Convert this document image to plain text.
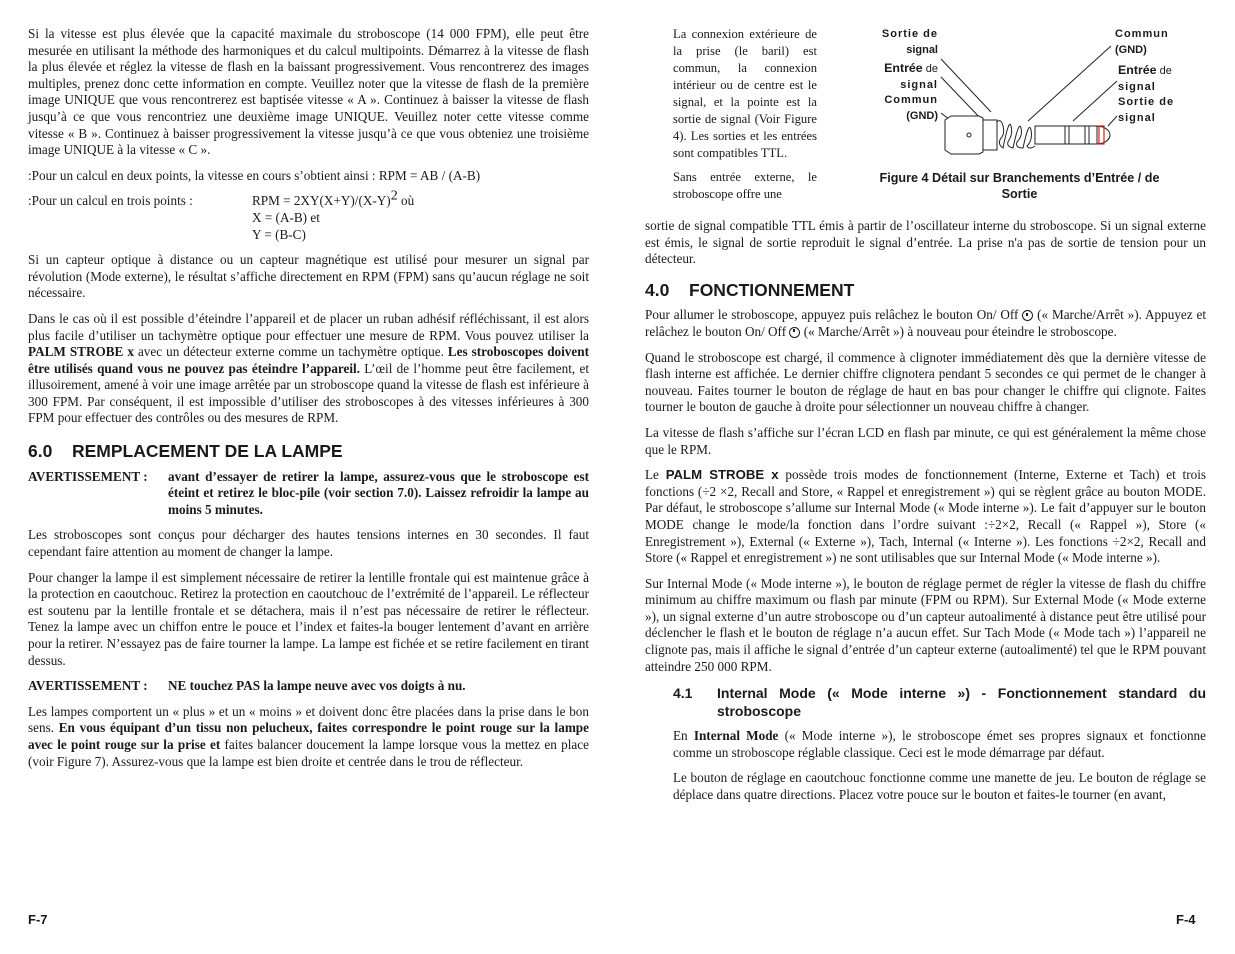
Si la vitesse est plus élevée que la capacité maximale du stroboscope (14 000 FPM), elle peut être mesurée en utilisant la méthode des harmoniques et du calcul multipoints. Démarrez à la vitesse de flash la plus élevée et réglez la vitesse de flash en la baissant progressivement. Vous rencontrerez des images multiples, prenez donc cette information en compte. Veuillez noter que la vitesse de flash de la première image UNIQUE que vous rencontrerez est baptisée vitesse « A ». Continuez à baisser la vitesse de flash jusqu’à ce que vous rencontriez une deuxième image UNIQUE. Veuillez noter cette vitesse comme vitesse « B ». Continuez à baisser progressivement la vitesse jusqu’à ce que vous obteniez une troisième image UNIQUE à la vitesse « C ».

:Pour un calcul en deux points, la vitesse en cours s’obtient ainsi : RPM = AB / (A-B)

:Pour un calcul en trois points :	RPM = $2XY(X+Y)/(X-Y)^2$ où
X = (A-B) et
Y = (B-C)

Si un capteur optique à distance ou un capteur magnétique est utilisé pour mesurer un signal par révolution (Mode externe), le résultat s’affiche directement en RPM (FPM) sans qu’aucun réglage ne soit nécessaire.

Dans le cas où il est possible d’éteindre l’appareil et de placer un ruban adhésif réfléchissant, il est alors plus facile d’utiliser un tachymètre optique pour effectuer une mesure de RPM. Vous pouvez utiliser la PALM STROBE x avec un détecteur externe comme un tachymètre optique. Les stroboscopes doivent être utilisés quand vous ne pouvez pas éteindre l’appareil. L’œil de l’homme peut être facilement, et illusoirement, amené à voir une image arrêtée par un stroboscope quand la vitesse de flash est inférieure à 300 FPM. Par conséquent, il est impossible d’utiliser des stroboscopes à des vitesses inférieures à 300 FPM pour effectuer des contrôles ou des mesures de RPM.

6.0 REMPLACEMENT DE LA LAMPE
AVERTISSEMENT :	avant d’essayer de retirer la lampe, assurez-vous que le stroboscope est éteint et retirez le bloc-pile (voir section 7.0). Laissez refroidir la lampe au moins 5 minutes.

Les stroboscopes sont conçus pour décharger des hautes tensions internes en 30 secondes. Il faut cependant faire attention au moment de changer la lampe.

Pour changer la lampe il est simplement nécessaire de retirer la lentille frontale qui est maintenue grâce à la protection en caoutchouc. Retirez la protection en caoutchouc de l’extrémité de l’appareil. Le réflecteur est soutenu par la lentille frontale et se détachera, mais il n’est pas nécessaire de retirer le réflecteur. Tenez la lampe avec un chiffon entre le pouce et l’index et faites-la bouger lentement d’avant en arrière pour la retirer. N’essayez pas de faire tourner la lampe. La lampe est fichée et se retire facilement en tirant dessus.

AVERTISSEMENT :	NE touchez PAS la lampe neuve avec vos doigts à nu.

Les lampes comportent un « plus » et un « moins » et doivent donc être placées dans la prise dans le bon sens. En vous équipant d’un tissu non pelucheux, faites correspondre le point rouge sur la lampe avec le point rouge sur la prise et faites balancer doucement la lampe lorsque vous la mettez en place (voir Figure 7). Assurez-vous que la lampe est bien droite et centrée dans le trou de réflecteur.

F-7

La connexion extérieure de la prise (le baril) est commun, la connexion intérieur ou de centre est le signal, et la pointe est la sortie de signal (Voir Figure 4). Les sorties et les entrées sont compatibles TTL.

Sans entrée externe, le stroboscope offre une

Sortie de
signal
Entrée de
signal
Commun
(GND)
Commun
(GND)
Entrée de
signal
Sortie de
signal
Figure 4 Détail sur Branchements d’Entrée / de
Sortie

sortie de signal compatible TTL émis à partir de l’oscillateur interne du stroboscope. Si un signal externe est émis, le signal de sortie reproduit le signal d’entrée. La prise n'a pas de sortie de tension pour un détecteur.

4.0 FONCTIONNEMENT

Pour allumer le stroboscope, appuyez puis relâchez le bouton On/ Off  (« Marche/Arrêt »). Appuyez et relâchez le bouton On/ Off  (« Marche/Arrêt ») à nouveau pour éteindre le stroboscope.

Quand le stroboscope est chargé, il commence à clignoter immédiatement dès que la dernière vitesse de flash interne est affichée. Le dernier chiffre clignotera pendant 5 secondes ce qui permet de le changer à nouveau. Faites tourner le bouton de réglage de haut en bas pour changer le chiffre qui clignote. Faites tourner le bouton de gauche à droite pour sélectionner un nouveau chiffre à changer.

La vitesse de flash s’affiche sur l’écran LCD en flash par minute, ce qui est généralement la même chose que le RPM.

Le PALM STROBE x possède trois modes de fonctionnement (Interne, Externe et Tach) et trois fonctions (÷2 ×2, Recall and Store, « Rappel et enregistrement ») qui se règlent grâce au bouton MODE. Par défaut, le stroboscope s’allume sur Internal Mode (« Mode interne »). Le fait d’appuyer sur le bouton MODE change le mode/la fonction dans l’ordre suivant :÷2×2, Recall (« Rappel »), Store (« Enregistrement »), External (« Externe »), Tach, Internal (« Interne »). Les fonctions ÷2×2, Recall and Store (« Rappel et enregistrement ») ne sont utilisables que sur Internal Mode (« Mode interne »).

Sur Internal Mode (« Mode interne »), le bouton de réglage permet de régler la vitesse de flash du chiffre minimum au chiffre maximum ou flash par minute (FPM ou RPM). Sur External Mode (« Mode externe »), un signal externe d’un autre stroboscope ou d’un capteur autoalimenté à distance peut être utilisé pour déclencher le flash et le bouton de réglage n’a aucun effet. Sur Tach Mode (« Mode tach ») l’appareil ne clignote pas, mais il affiche le signal d’entrée d’un capteur externe (autoalimenté) tel que le RPM pouvant atteindre 250 000 RPM.

4.1	Internal Mode (« Mode interne ») - Fonctionnement standard du stroboscope

En Internal Mode (« Mode interne »), le stroboscope émet ses propres signaux et fonctionne comme un stroboscope réglable classique. Ceci est le mode démarrage par défaut.

Le bouton de réglage en caoutchouc fonctionne comme une manette de jeu. Le bouton de réglage se déplace dans quatre directions. Placez votre pouce sur le bouton et faites-le tourner (en avant,

F-4
